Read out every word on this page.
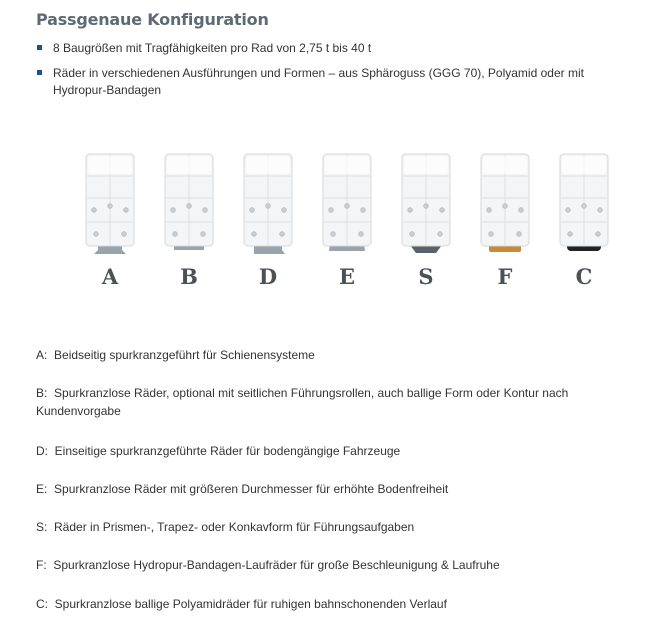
Passgenaue Konfiguration
8 Baugrößen mit Tragfähigkeiten pro Rad von 2,75 t bis 40 t
Räder in verschiedenen Ausführungen und Formen – aus Sphäroguss (GGG 70), Polyamid oder mit Hydropur-Bandagen
A	B	D	E	S	F	C
A:  Beidseitig spurkranzgeführt für Schienensysteme
B:  Spurkranzlose Räder, optional mit seitlichen Führungsrollen, auch ballige Form oder Kontur nach Kundenvorgabe
D:  Einseitige spurkranzgeführte Räder für bodengängige Fahrzeuge
E:  Spurkranzlose Räder mit größeren Durchmesser für erhöhte Bodenfreiheit
S:  Räder in Prismen-, Trapez- oder Konkavform für Führungsaufgaben
F:  Spurkranzlose Hydropur-Bandagen-Laufräder für große Beschleunigung & Laufruhe
C:  Spurkranzlose ballige Polyamidräder für ruhigen bahnschonenden Verlauf
